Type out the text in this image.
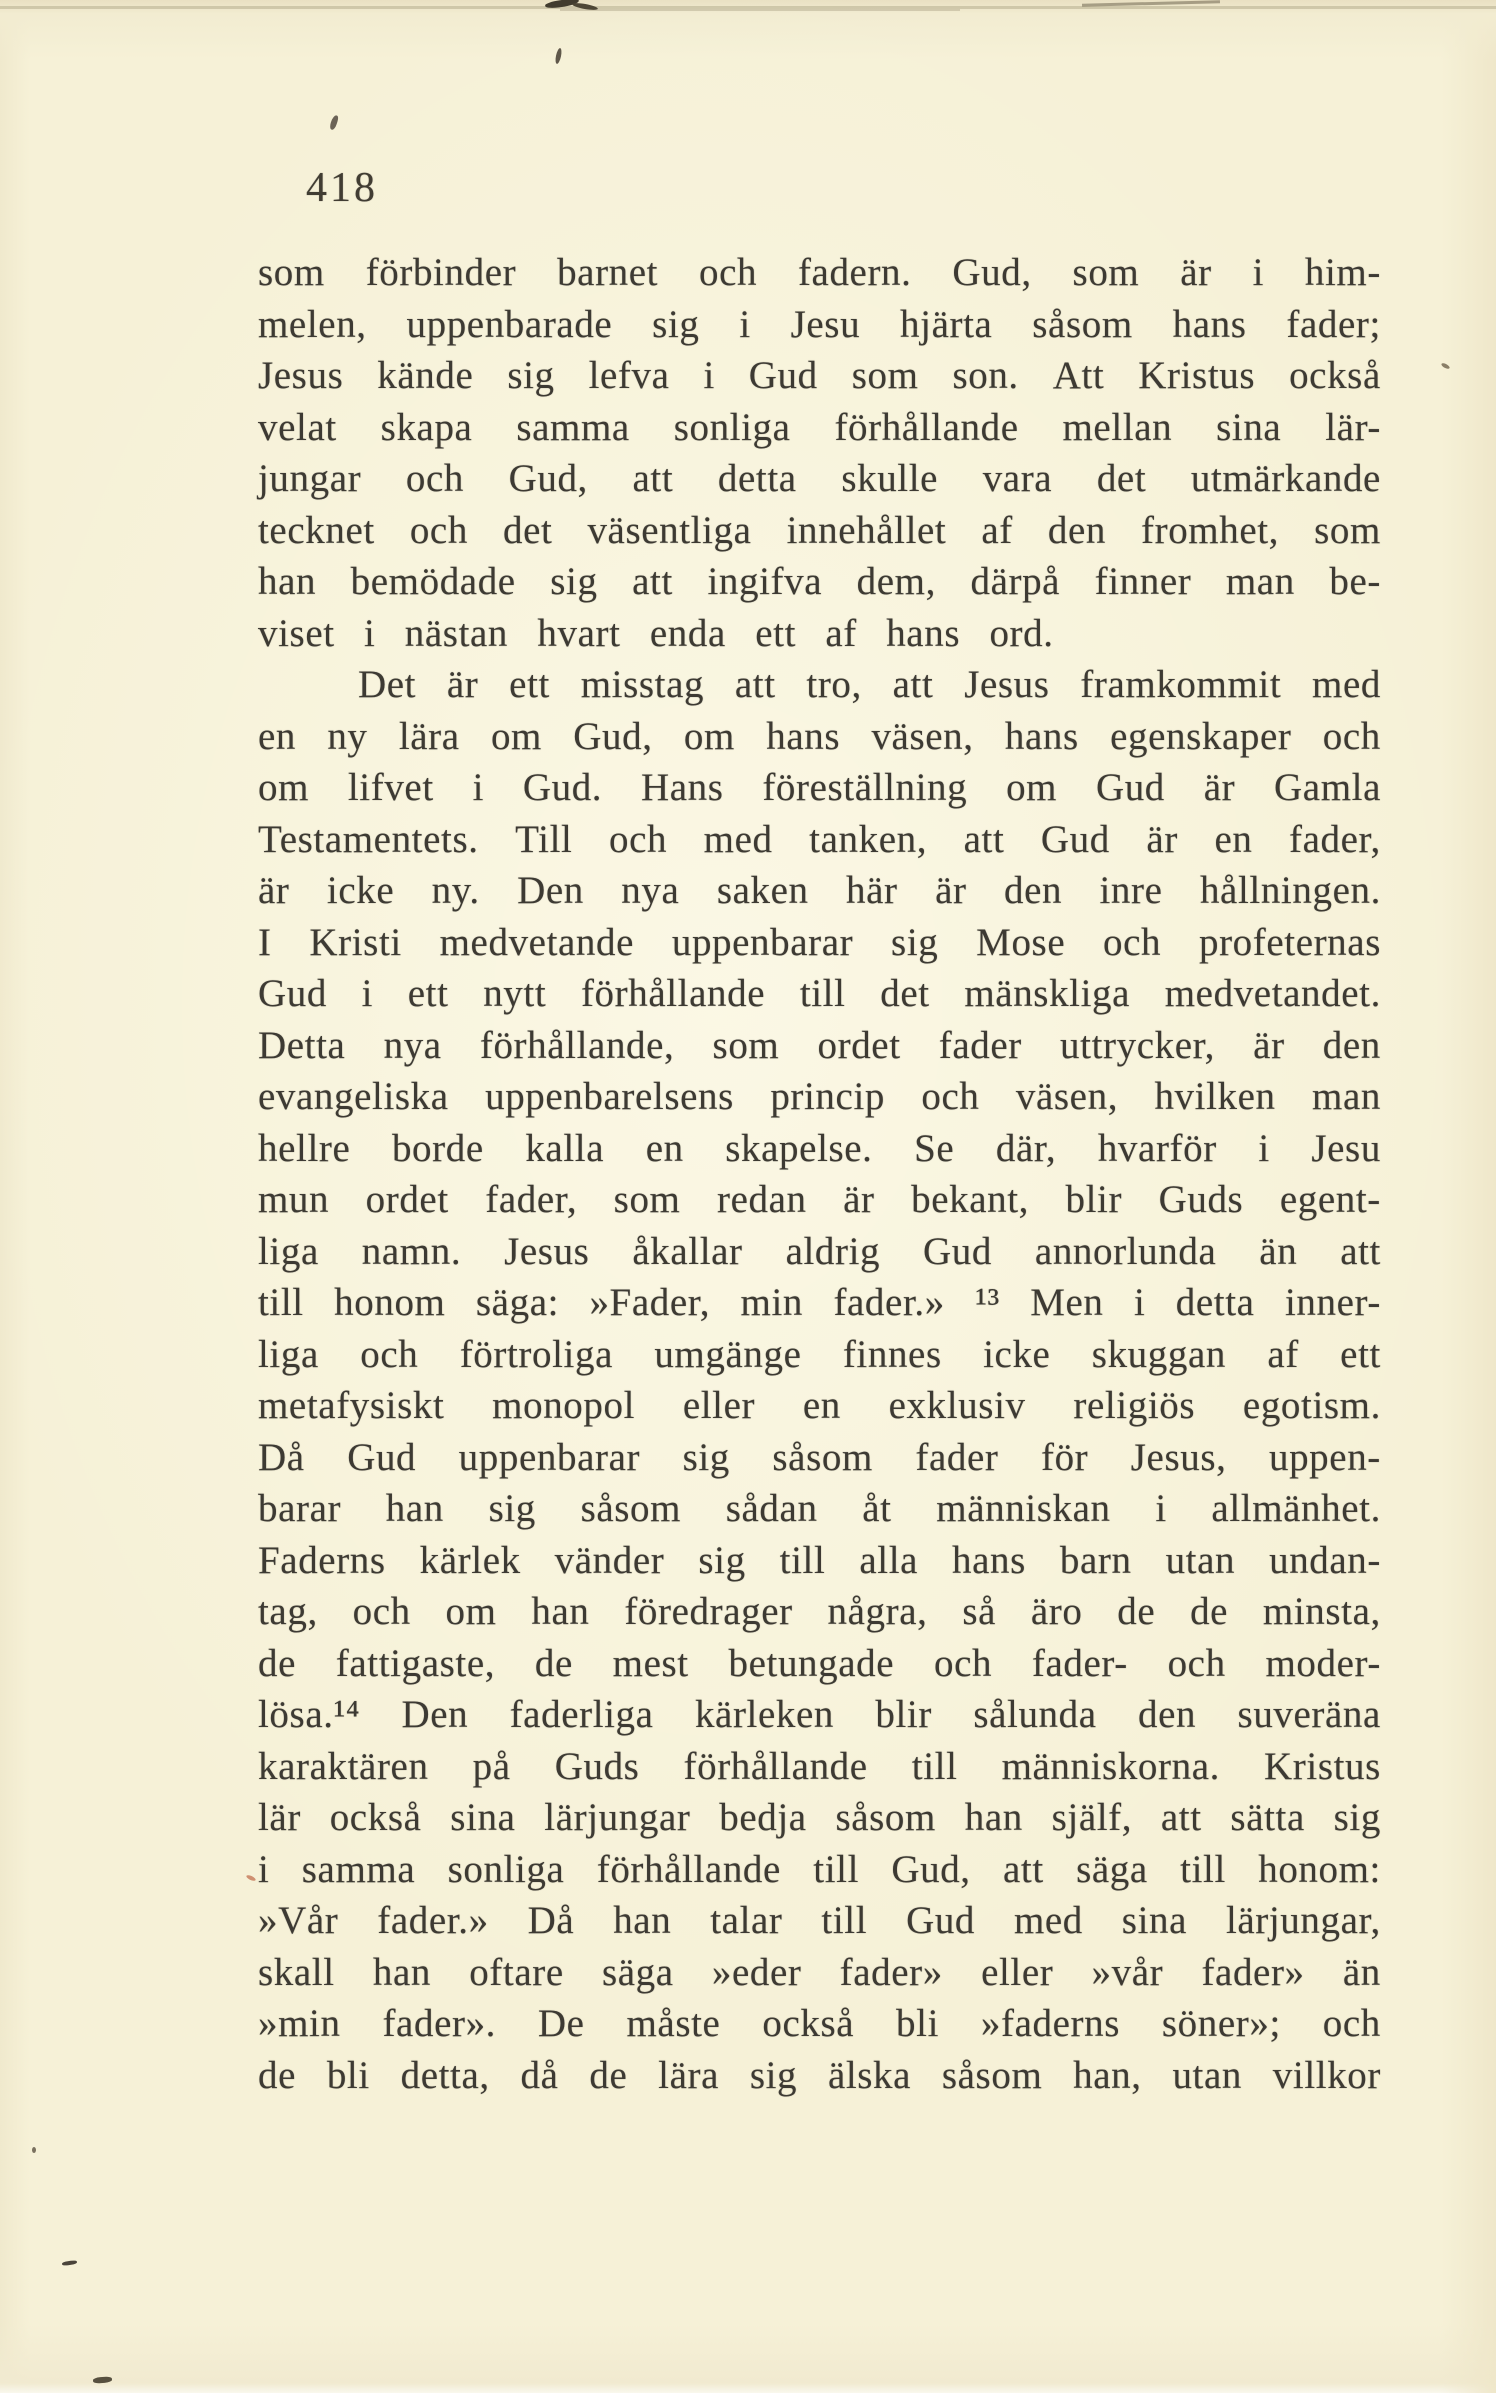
418
som förbinder barnet och fadern. Gud, som är i him-
melen, uppenbarade sig i Jesu hjärta såsom hans fader;
Jesus kände sig lefva i Gud som son. Att Kristus också
velat skapa samma sonliga förhållande mellan sina lär-
jungar och Gud, att detta skulle vara det utmärkande
tecknet och det väsentliga innehållet af den fromhet, som
han bemödade sig att ingifva dem, därpå finner man be-
viset i nästan hvart enda ett af hans ord.
Det är ett misstag att tro, att Jesus framkommit med
en ny lära om Gud, om hans väsen, hans egenskaper och
om lifvet i Gud. Hans föreställning om Gud är Gamla
Testamentets. Till och med tanken, att Gud är en fader,
är icke ny. Den nya saken här är den inre hållningen.
I Kristi medvetande uppenbarar sig Mose och profeternas
Gud i ett nytt förhållande till det mänskliga medvetandet.
Detta nya förhållande, som ordet fader uttrycker, är den
evangeliska uppenbarelsens princip och väsen, hvilken man
hellre borde kalla en skapelse. Se där, hvarför i Jesu
mun ordet fader, som redan är bekant, blir Guds egent-
liga namn. Jesus åkallar aldrig Gud annorlunda än att
till honom säga: »Fader, min fader.» ¹³ Men i detta inner-
liga och förtroliga umgänge finnes icke skuggan af ett
metafysiskt monopol eller en exklusiv religiös egotism.
Då Gud uppenbarar sig såsom fader för Jesus, uppen-
barar han sig såsom sådan åt människan i allmänhet.
Faderns kärlek vänder sig till alla hans barn utan undan-
tag, och om han föredrager några, så äro de de minsta,
de fattigaste, de mest betungade och fader- och moder-
lösa.¹⁴ Den faderliga kärleken blir sålunda den suveräna
karaktären på Guds förhållande till människorna. Kristus
lär också sina lärjungar bedja såsom han själf, att sätta sig
i samma sonliga förhållande till Gud, att säga till honom:
»Vår fader.» Då han talar till Gud med sina lärjungar,
skall han oftare säga »eder fader» eller »vår fader» än
»min fader». De måste också bli »faderns söner»; och
de bli detta, då de lära sig älska såsom han, utan villkor
